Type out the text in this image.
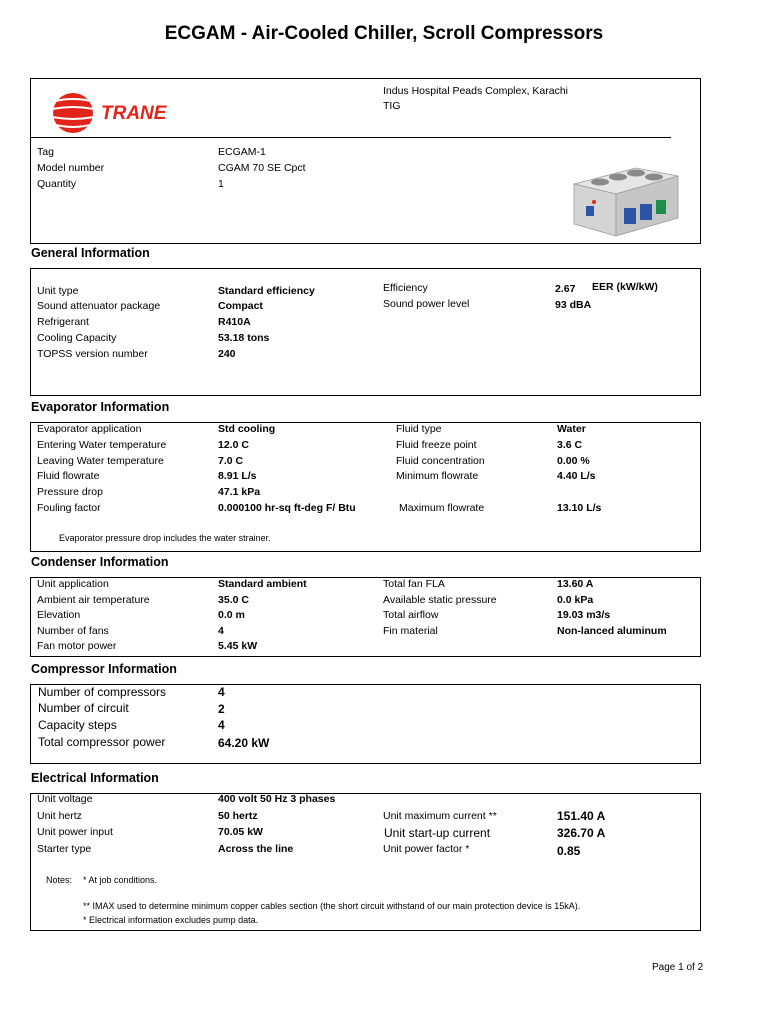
ECGAM - Air-Cooled Chiller, Scroll Compressors
TRANE
Indus Hospital Peads Complex, Karachi
TIG
Tag	ECGAM-1
Model number	CGAM 70 SE Cpct
Quantity	1
General Information
Unit type	Standard efficiency
Sound attenuator package	Compact
Refrigerant	R410A
Cooling Capacity	53.18 tons
TOPSS version number	240
Efficiency	2.67 EER (kW/kW)
Sound power level	93 dBA
Evaporator Information
Evaporator application	Std cooling
Entering Water temperature	12.0 C
Leaving Water temperature	7.0 C
Fluid flowrate	8.91 L/s
Pressure drop	47.1 kPa
Fouling factor	0.000100 hr-sq ft-deg F/ Btu
Fluid type	Water
Fluid freeze point	3.6 C
Fluid concentration	0.00 %
Minimum flowrate	4.40 L/s
Maximum flowrate	13.10 L/s
Evaporator pressure drop includes the water strainer.
Condenser Information
Unit application	Standard ambient
Ambient air temperature	35.0 C
Elevation	0.0 m
Number of fans	4
Fan motor power	5.45 kW
Total fan FLA	13.60 A
Available static pressure	0.0 kPa
Total airflow	19.03 m3/s
Fin material	Non-lanced aluminum
Compressor Information
Number of compressors	4
Number of circuit	2
Capacity steps	4
Total compressor power	64.20 kW
Electrical Information
Unit voltage	400 volt 50 Hz 3 phases
Unit hertz	50 hertz
Unit power input	70.05 kW
Starter type	Across the line
Unit maximum current **	151.40 A
Unit start-up current	326.70 A
Unit power factor *	0.85
Notes: * At job conditions.
** IMAX used to determine minimum copper cables section (the short circuit withstand of our main protection device is 15kA).
* Electrical information excludes pump data.
Page 1 of 2
